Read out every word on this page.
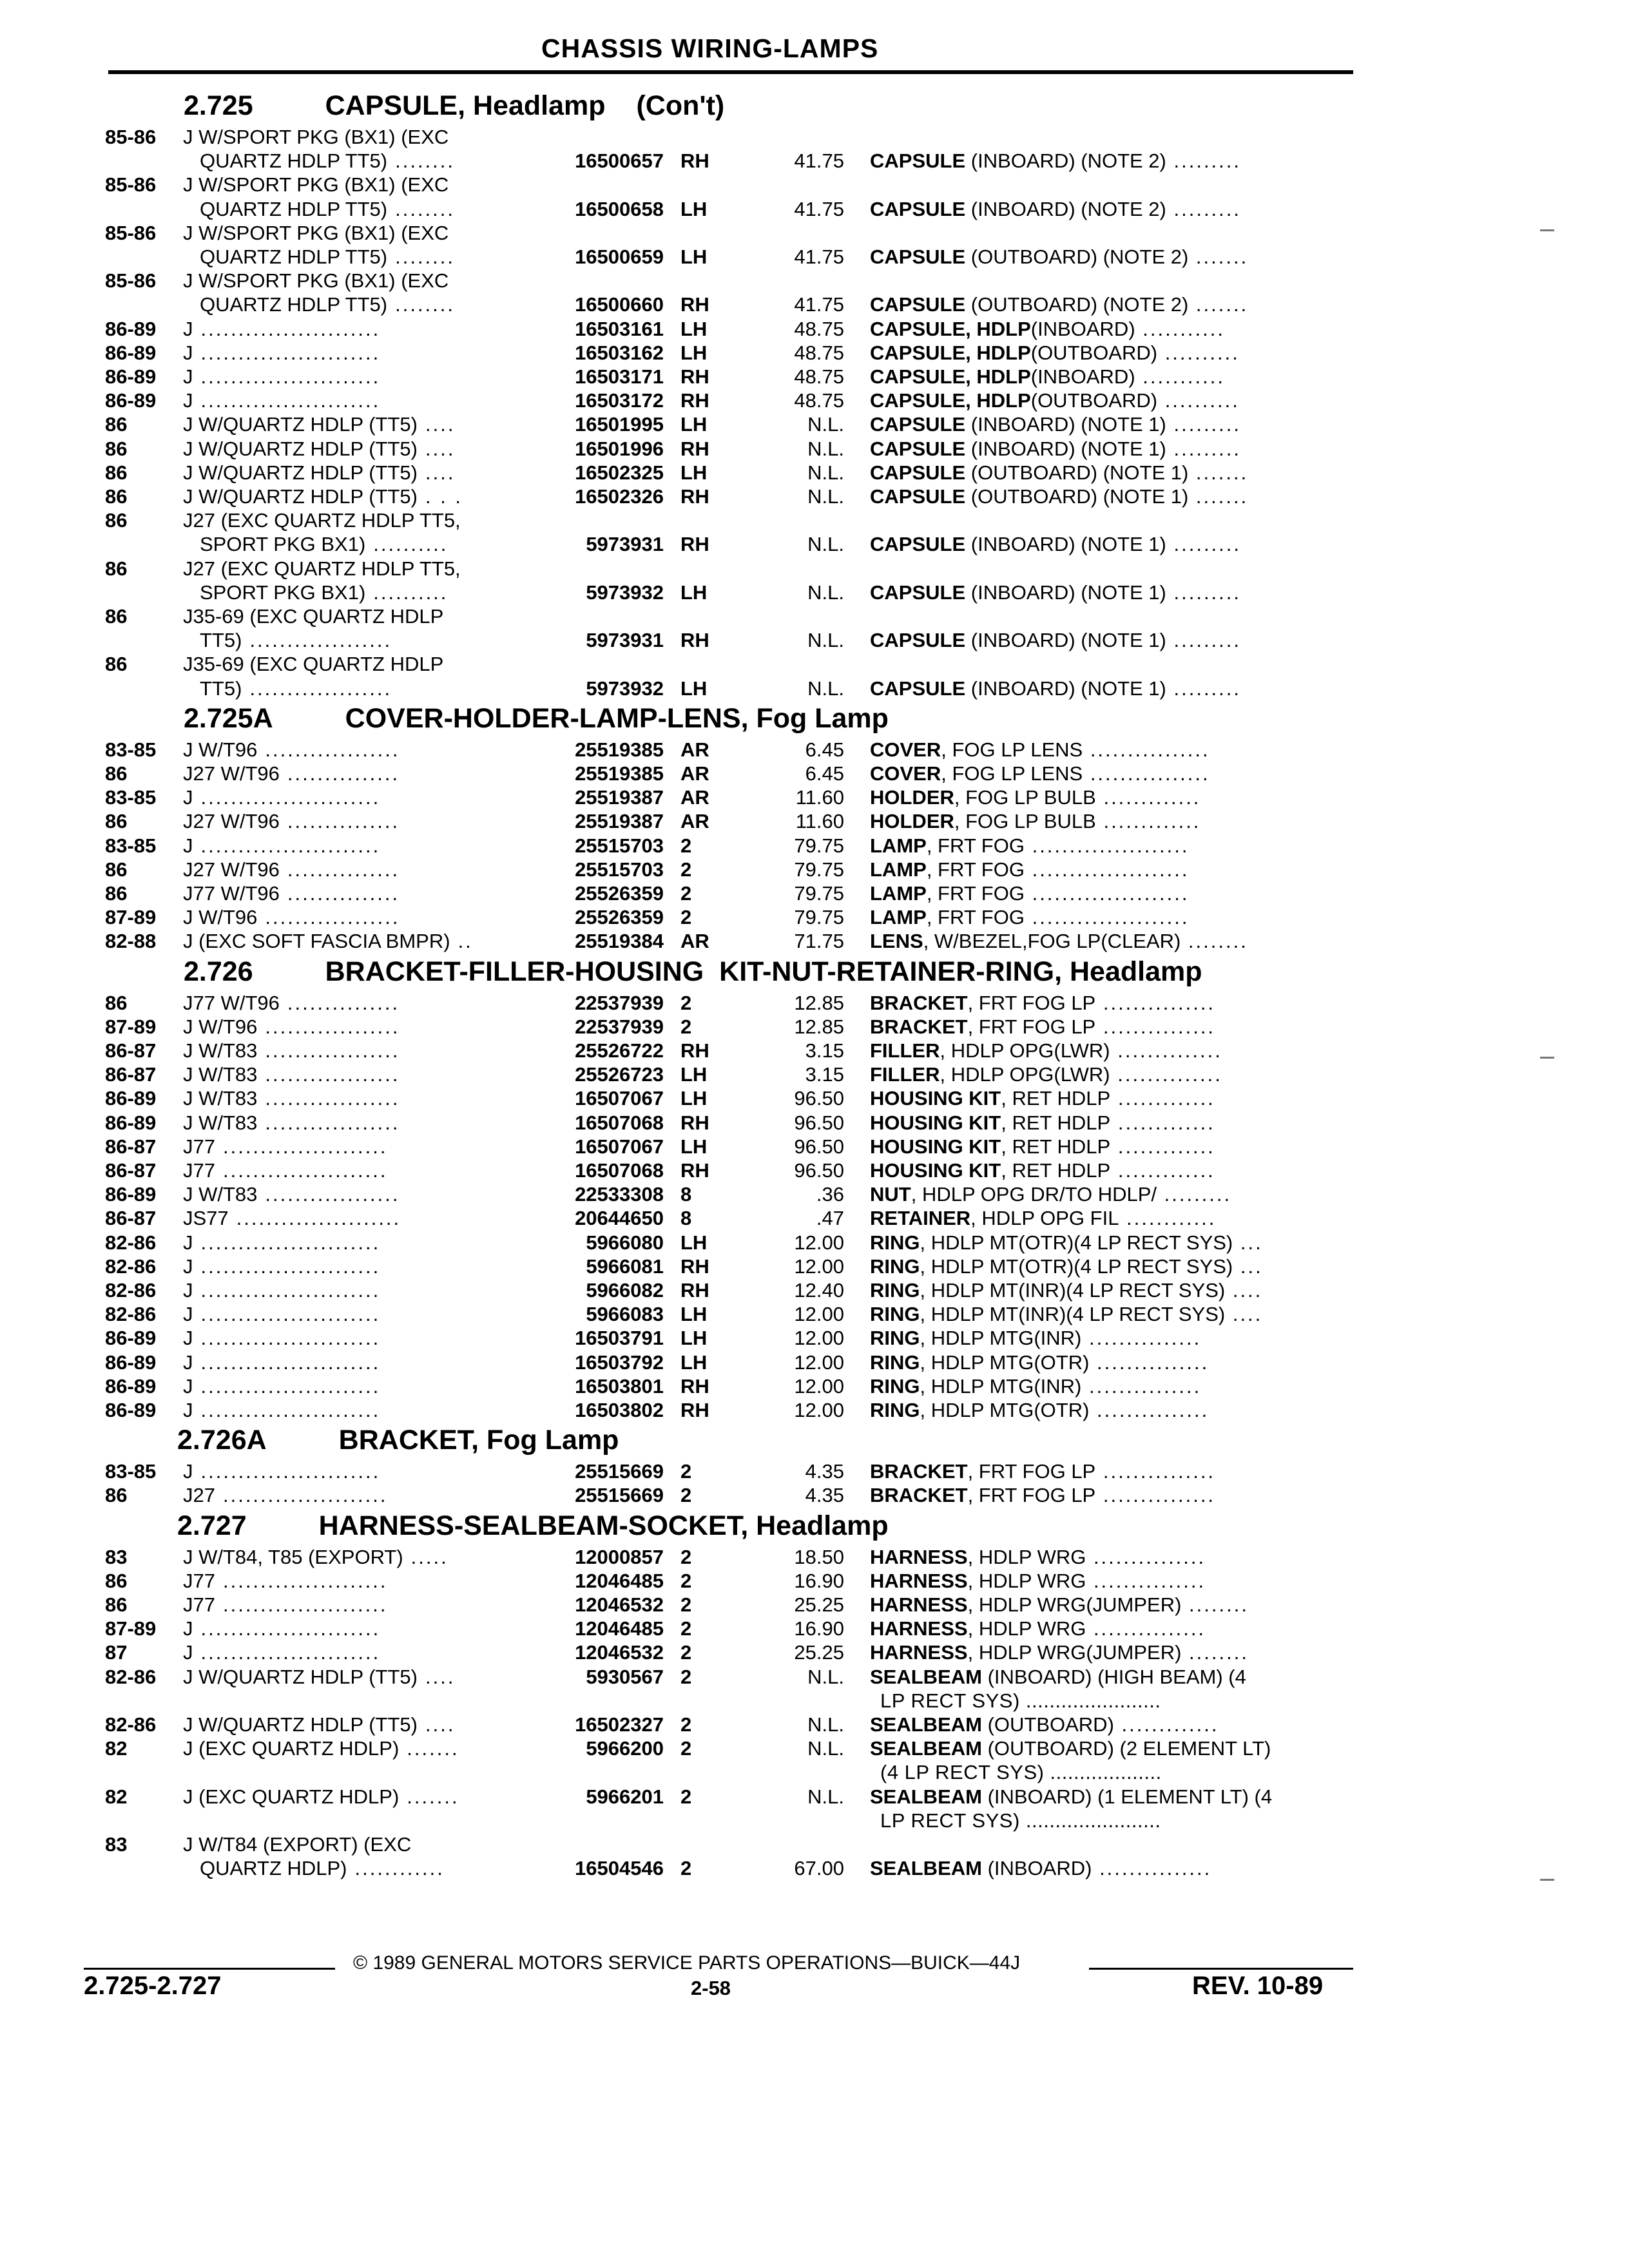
CHASSIS WIRING-LAMPS
2.725	CAPSULE, Headlamp (Con't)
85-86 J W/SPORT PKG (BX1) (EXC
QUARTZ HDLP TT5) ........	16500657 RH	41.75 CAPSULE (INBOARD) (NOTE 2) .........
85-86 J W/SPORT PKG (BX1) (EXC
QUARTZ HDLP TT5) ........	16500658 LH	41.75 CAPSULE (INBOARD) (NOTE 2) .........
85-86 J W/SPORT PKG (BX1) (EXC
QUARTZ HDLP TT5) ........	16500659 LH	41.75 CAPSULE (OUTBOARD) (NOTE 2) .......
85-86 J W/SPORT PKG (BX1) (EXC
QUARTZ HDLP TT5) ........	16500660 RH	41.75 CAPSULE (OUTBOARD) (NOTE 2) .......
86-89 J ........................	16503161 LH	48.75 CAPSULE, HDLP(INBOARD) ...........
86-89 J ........................	16503162 LH	48.75 CAPSULE, HDLP(OUTBOARD) ..........
86-89 J ........................	16503171 RH	48.75 CAPSULE, HDLP(INBOARD) ...........
86-89 J ........................	16503172 RH	48.75 CAPSULE, HDLP(OUTBOARD) ..........
86	J W/QUARTZ HDLP (TT5) ....	16501995 LH	N.L. CAPSULE (INBOARD) (NOTE 1) .........
86	J W/QUARTZ HDLP (TT5) ....	16501996 RH	N.L. CAPSULE (INBOARD) (NOTE 1) .........
86	J W/QUARTZ HDLP (TT5) ....	16502325 LH	N.L. CAPSULE (OUTBOARD) (NOTE 1) .......
86	J W/QUARTZ HDLP (TT5) . . .	16502326 RH	N.L. CAPSULE (OUTBOARD) (NOTE 1) .......
86	J27 (EXC QUARTZ HDLP TT5,
SPORT PKG BX1) ..........	5973931 RH	N.L. CAPSULE (INBOARD) (NOTE 1) .........
86	J27 (EXC QUARTZ HDLP TT5,
SPORT PKG BX1) ..........	5973932 LH	N.L. CAPSULE (INBOARD) (NOTE 1) .........
86	J35-69 (EXC QUARTZ HDLP
TT5) ...................	5973931 RH	N.L. CAPSULE (INBOARD) (NOTE 1) .........
86	J35-69 (EXC QUARTZ HDLP
TT5) ...................	5973932 LH	N.L. CAPSULE (INBOARD) (NOTE 1) .........
2.725A	COVER-HOLDER-LAMP-LENS, Fog Lamp
83-85 J W/T96 ..................	25519385 AR	6.45 COVER, FOG LP LENS ................
86	J27 W/T96 ...............	25519385 AR	6.45 COVER, FOG LP LENS ................
83-85 J ........................	25519387 AR	11.60 HOLDER, FOG LP BULB .............
86	J27 W/T96 ...............	25519387 AR	11.60 HOLDER, FOG LP BULB .............
83-85 J ........................	25515703 2	79.75 LAMP, FRT FOG .....................
86	J27 W/T96 ...............	25515703 2	79.75 LAMP, FRT FOG .....................
86	J77 W/T96 ...............	25526359 2	79.75 LAMP, FRT FOG .....................
87-89 J W/T96 ..................	25526359 2	79.75 LAMP, FRT FOG .....................
82-88 J (EXC SOFT FASCIA BMPR) ..	25519384 AR	71.75 LENS, W/BEZEL,FOG LP(CLEAR) ........
2.726	BRACKET-FILLER-HOUSING  KIT-NUT-RETAINER-RING, Headlamp
86	J77 W/T96 ...............	22537939 2	12.85 BRACKET, FRT FOG LP ...............
87-89 J W/T96 ..................	22537939 2	12.85 BRACKET, FRT FOG LP ...............
86-87 J W/T83 ..................	25526722 RH	3.15 FILLER, HDLP OPG(LWR) ..............
86-87 J W/T83 ..................	25526723 LH	3.15 FILLER, HDLP OPG(LWR) ..............
86-89 J W/T83 ..................	16507067 LH	96.50 HOUSING KIT, RET HDLP .............
86-89 J W/T83 ..................	16507068 RH	96.50 HOUSING KIT, RET HDLP .............
86-87 J77 ......................	16507067 LH	96.50 HOUSING KIT, RET HDLP .............
86-87 J77 ......................	16507068 RH	96.50 HOUSING KIT, RET HDLP .............
86-89 J W/T83 ..................	22533308 8	.36 NUT, HDLP OPG DR/TO HDLP/ .........
86-87 JS77 ......................	20644650 8	.47 RETAINER, HDLP OPG FIL ............
82-86 J ........................	5966080 LH	12.00 RING, HDLP MT(OTR)(4 LP RECT SYS) ...
82-86 J ........................	5966081 RH	12.00 RING, HDLP MT(OTR)(4 LP RECT SYS) ...
82-86 J ........................	5966082 RH	12.40 RING, HDLP MT(INR)(4 LP RECT SYS) ....
82-86 J ........................	5966083 LH	12.00 RING, HDLP MT(INR)(4 LP RECT SYS) ....
86-89 J ........................	16503791 LH	12.00 RING, HDLP MTG(INR) ...............
86-89 J ........................	16503792 LH	12.00 RING, HDLP MTG(OTR) ...............
86-89 J ........................	16503801 RH	12.00 RING, HDLP MTG(INR) ...............
86-89 J ........................	16503802 RH	12.00 RING, HDLP MTG(OTR) ...............
2.726A	BRACKET, Fog Lamp
83-85 J ........................	25515669 2	4.35 BRACKET, FRT FOG LP ...............
86	J27 ......................	25515669 2	4.35 BRACKET, FRT FOG LP ...............
2.727	HARNESS-SEALBEAM-SOCKET, Headlamp
83	J W/T84, T85 (EXPORT) .....	12000857 2	18.50 HARNESS, HDLP WRG ...............
86	J77 ......................	12046485 2	16.90 HARNESS, HDLP WRG ...............
86	J77 ......................	12046532 2	25.25 HARNESS, HDLP WRG(JUMPER) ........
87-89 J ........................	12046485 2	16.90 HARNESS, HDLP WRG ...............
87	J ........................	12046532 2	25.25 HARNESS, HDLP WRG(JUMPER) ........
82-86 J W/QUARTZ HDLP (TT5) ....	5930567 2	N.L. SEALBEAM (INBOARD) (HIGH BEAM) (4
LP RECT SYS) .......................
82-86 J W/QUARTZ HDLP (TT5) ....	16502327 2	N.L. SEALBEAM (OUTBOARD) .............
82	J (EXC QUARTZ HDLP) .......	5966200 2	N.L. SEALBEAM (OUTBOARD) (2 ELEMENT LT)
(4 LP RECT SYS) ...................
82	J (EXC QUARTZ HDLP) .......	5966201 2	N.L. SEALBEAM (INBOARD) (1 ELEMENT LT) (4
LP RECT SYS) .......................
83	J W/T84 (EXPORT) (EXC
QUARTZ HDLP) ............	16504546 2	67.00 SEALBEAM (INBOARD) ...............
© 1989 GENERAL MOTORS SERVICE PARTS OPERATIONS—BUICK—44J
2.725-2.727	2-58	REV. 10-89
